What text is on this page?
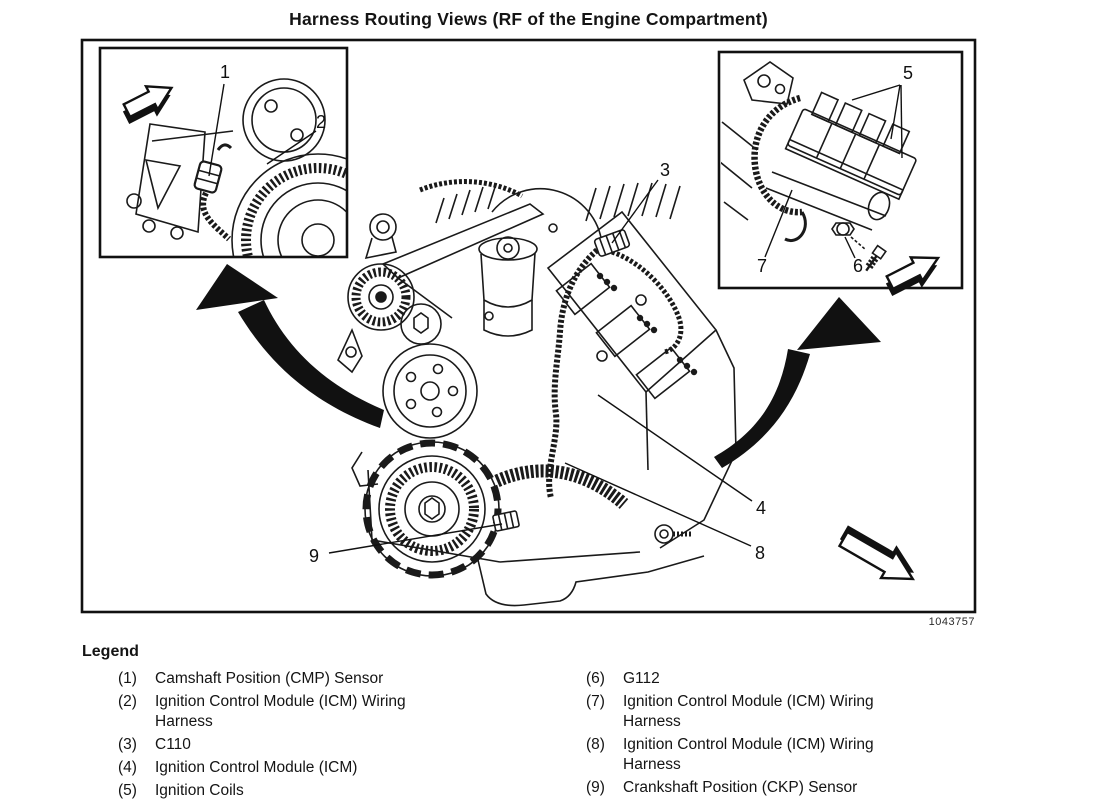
Harness Routing Views (RF of the Engine Compartment)
1
2
3
4
5
6
7
8
9
1043757
Legend
(1)	Camshaft Position (CMP) Sensor
(2)	Ignition Control Module (ICM) Wiring Harness
(3)	C110
(4)	Ignition Control Module (ICM)
(5)	Ignition Coils
(6)	G112
(7)	Ignition Control Module (ICM) Wiring Harness
(8)	Ignition Control Module (ICM) Wiring Harness
(9)	Crankshaft Position (CKP) Sensor
